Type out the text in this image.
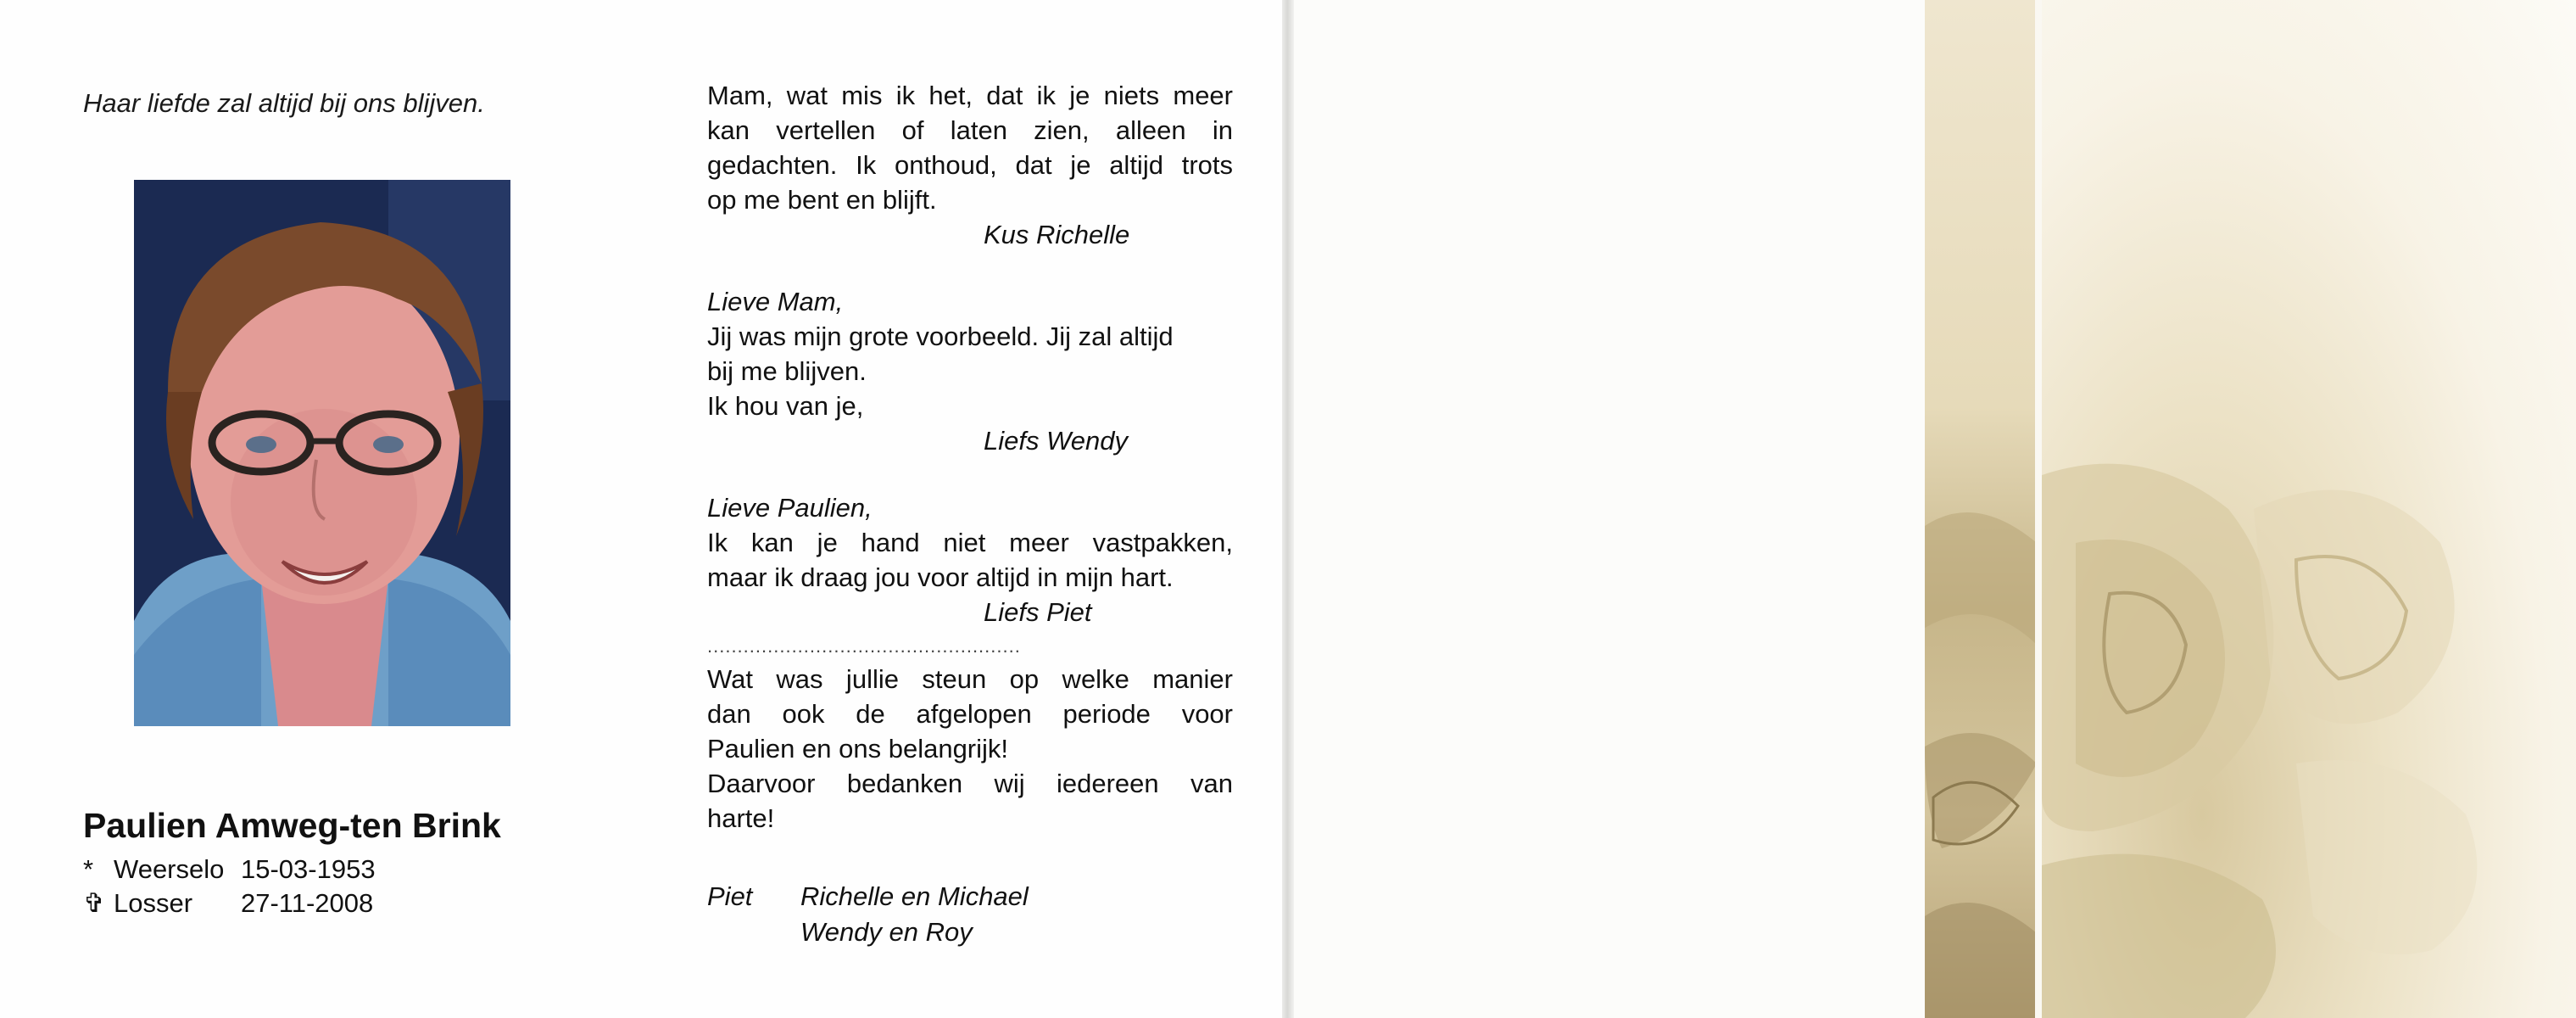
Haar liefde zal altijd bij ons blijven.

Paulien Amweg-ten Brink

* Weerselo 15-03-1953
✞ Losser	27-11-2008

Mam, wat mis ik het, dat ik je niets meer

kan vertellen of laten zien, alleen in

gedachten. Ik onthoud, dat je altijd trots

op me bent en blijft.

Kus Richelle

Lieve Mam,

Jij was mijn grote voorbeeld. Jij zal altijd

bij me blijven.

Ik hou van je,

Liefs Wendy

Lieve Paulien,

Ik kan je hand niet meer vastpakken,

maar ik draag jou voor altijd in mijn hart.

Liefs Piet

....................................................

Wat was jullie steun op welke manier

dan ook de afgelopen periode voor

Paulien en ons belangrijk!

Daarvoor bedanken wij iedereen van

harte!

Piet	Richelle en Michael
Wendy en Roy
